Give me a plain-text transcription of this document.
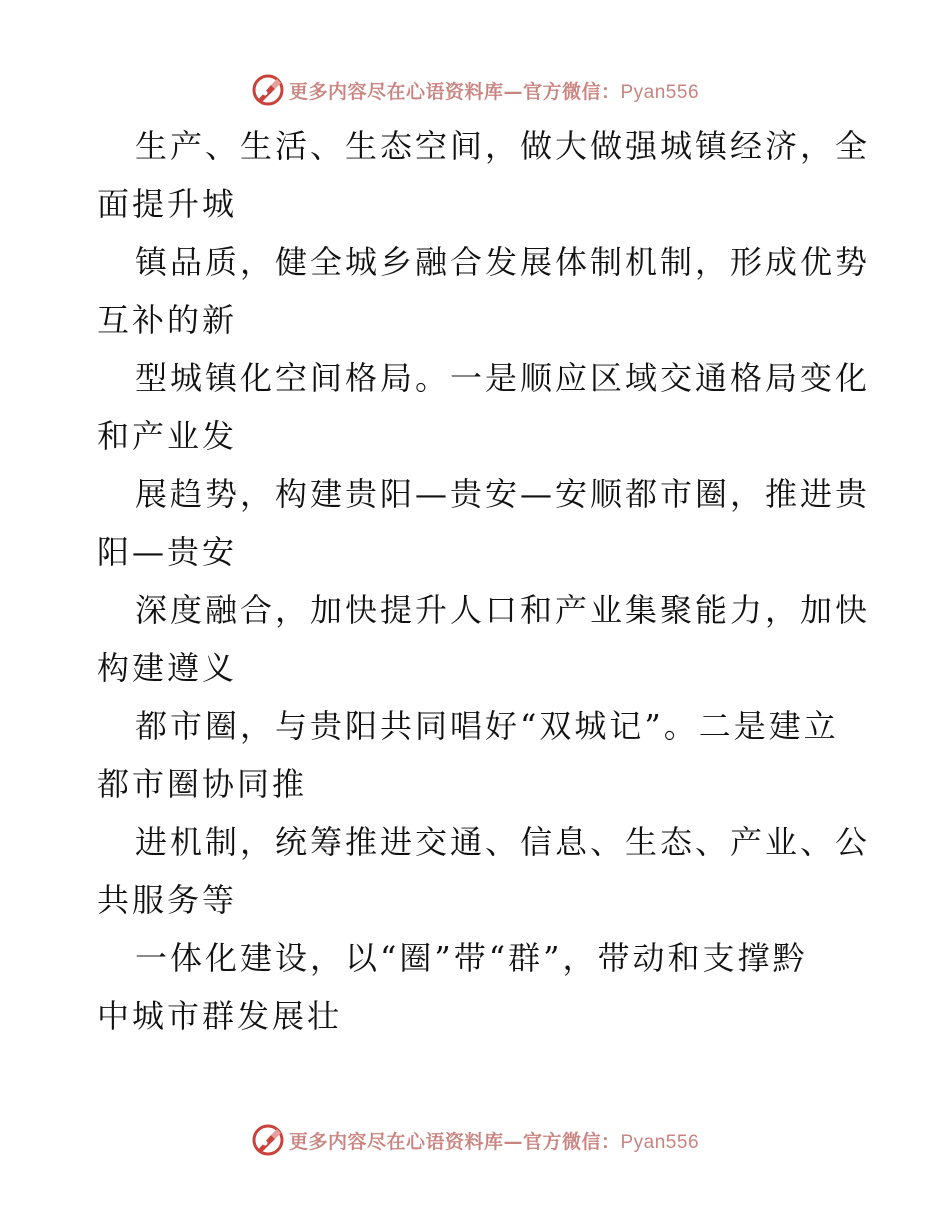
更多内容尽在心语资料库—官方微信：Pyan556

生产、生活、生态空间，做大做强城镇经济，全
面提升城

镇品质，健全城乡融合发展体制机制，形成优势
互补的新

型城镇化空间格局。一是顺应区域交通格局变化
和产业发

展趋势，构建贵阳—贵安—安顺都市圈，推进贵
阳—贵安

深度融合，加快提升人口和产业集聚能力，加快
构建遵义

都市圈，与贵阳共同唱好“双城记”。二是建立
都市圈协同推

进机制，统筹推进交通、信息、生态、产业、公
共服务等

一体化建设，以“圈”带“群”，带动和支撑黔
中城市群发展壮

更多内容尽在心语资料库—官方微信：Pyan556
